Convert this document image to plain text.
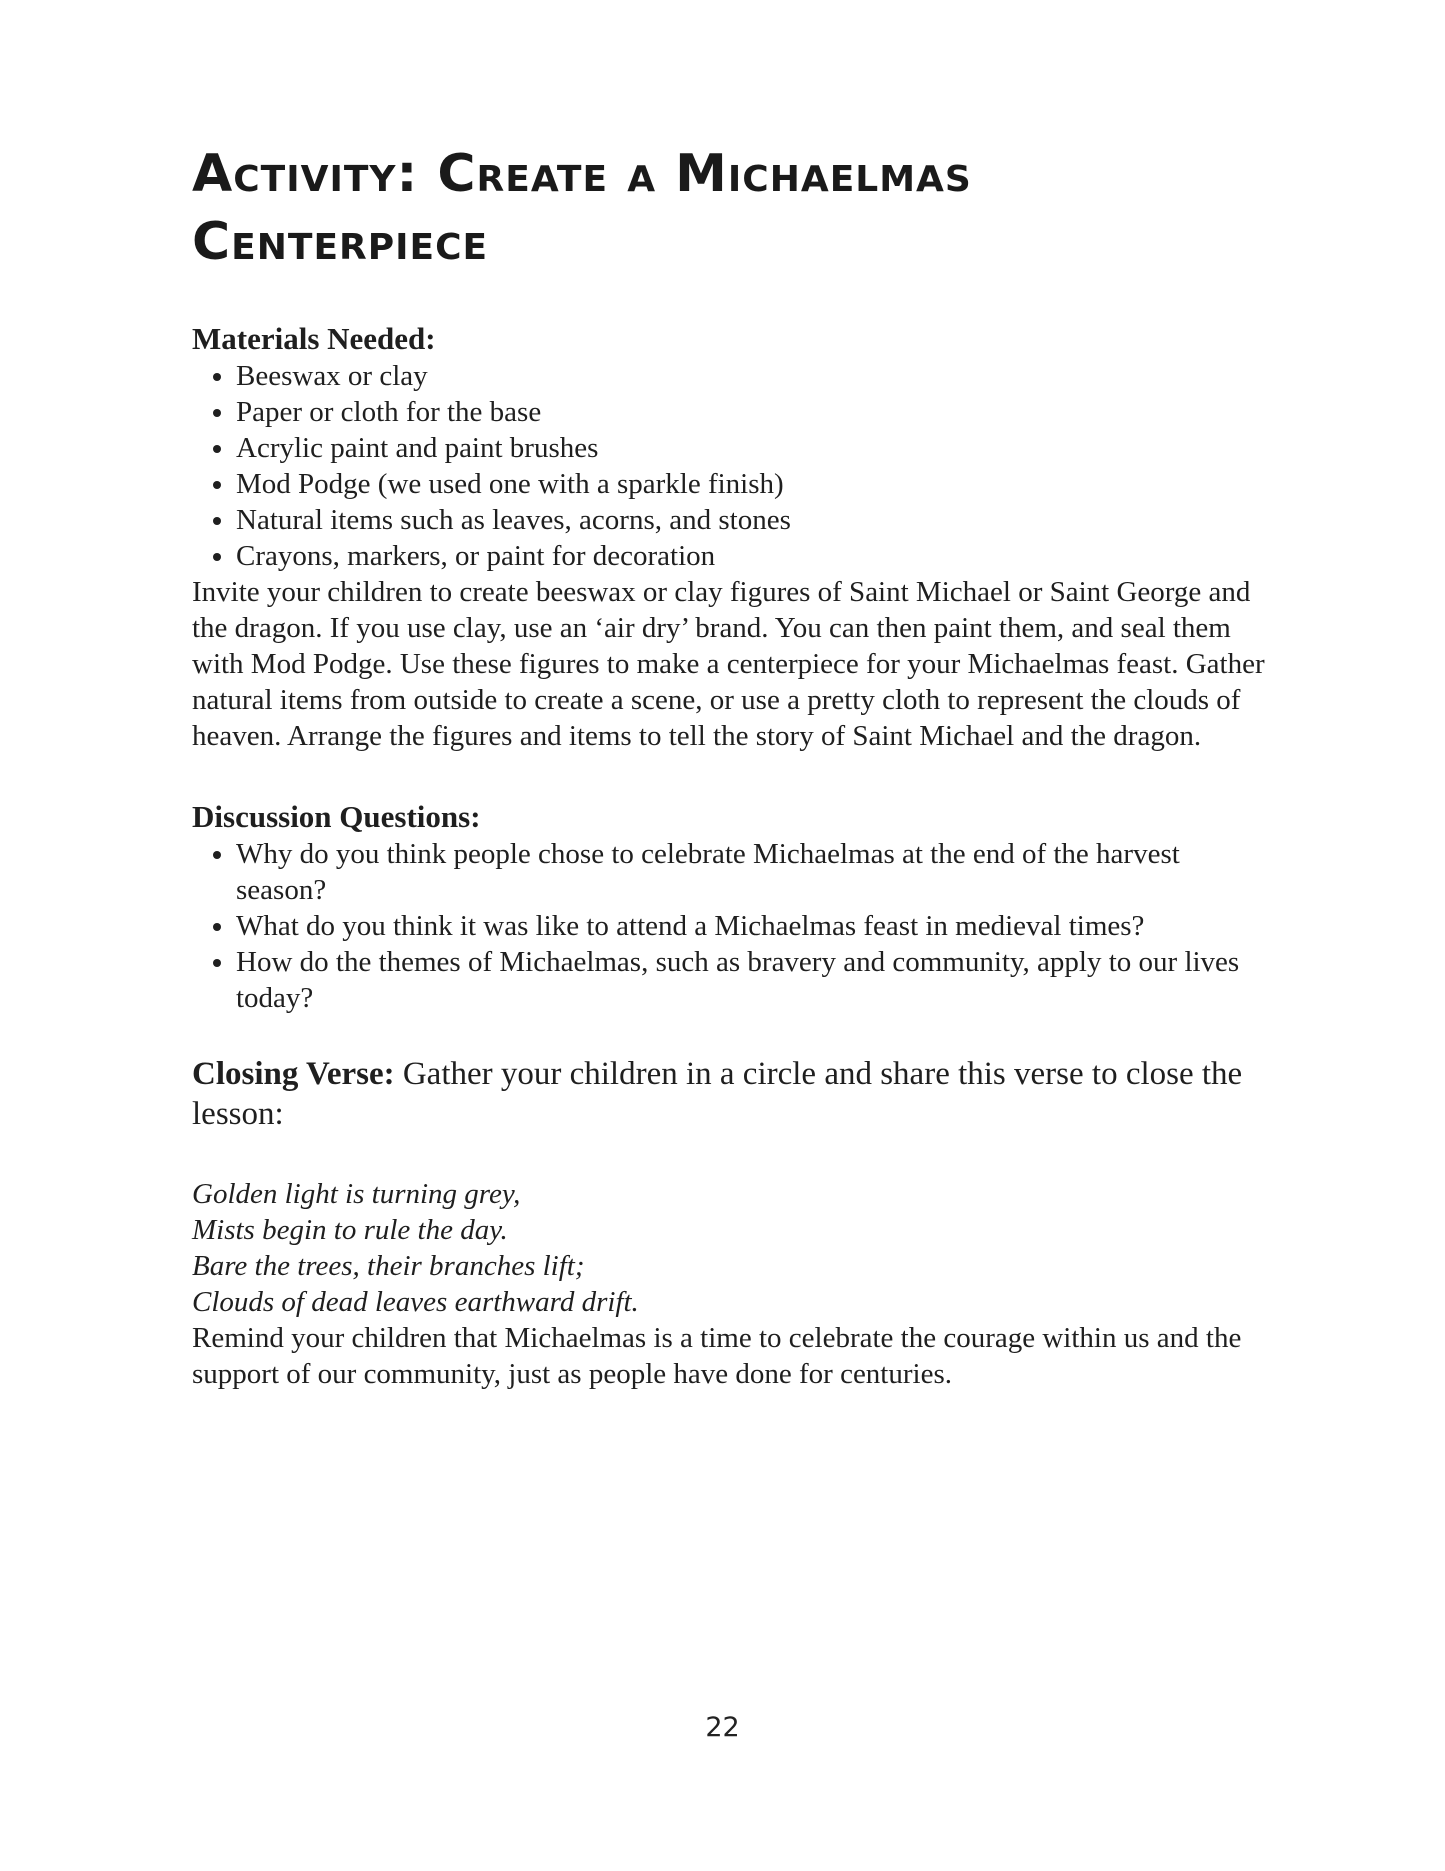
Activity: Create a Michaelmas
Centerpiece
Materials Needed:
• Beeswax or clay
• Paper or cloth for the base
• Acrylic paint and paint brushes
• Mod Podge (we used one with a sparkle finish)
• Natural items such as leaves, acorns, and stones
• Crayons, markers, or paint for decoration

Invite your children to create beeswax or clay figures of Saint Michael or Saint George and the dragon. If you use clay, use an ‘air dry’ brand. You can then paint them, and seal them with Mod Podge. Use these figures to make a centerpiece for your Michaelmas feast. Gather natural items from outside to create a scene, or use a pretty cloth to represent the clouds of heaven. Arrange the figures and items to tell the story of Saint Michael and the dragon.

Discussion Questions:
• Why do you think people chose to celebrate Michaelmas at the end of the harvest season?
• What do you think it was like to attend a Michaelmas feast in medieval times?
• How do the themes of Michaelmas, such as bravery and community, apply to our lives today?
Closing Verse: Gather your children in a circle and share this verse to close the lesson:
Golden light is turning grey,
Mists begin to rule the day.
Bare the trees, their branches lift;
Clouds of dead leaves earthward drift.

Remind your children that Michaelmas is a time to celebrate the courage within us and the support of our community, just as people have done for centuries.

22
